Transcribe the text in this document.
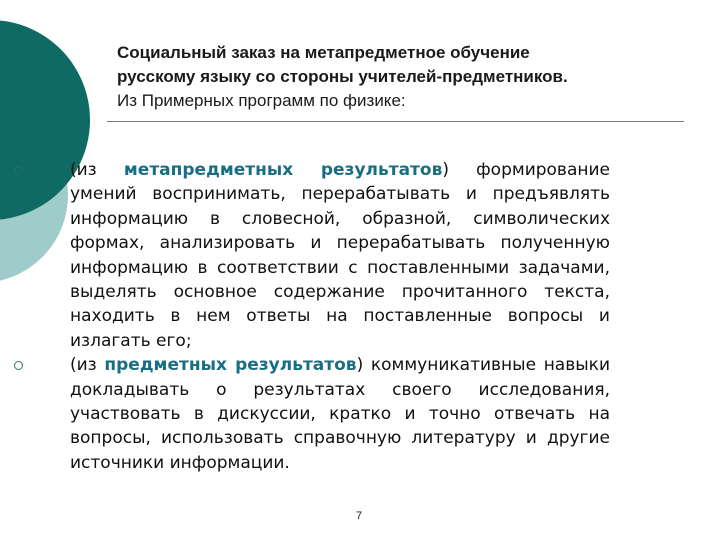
Социальный заказ на метапредметное обучение
русскому языку со стороны учителей-предметников.
Из Примерных программ по физике:
(из метапредметных результатов) формирование умений воспринимать, перерабатывать и предъявлять информацию в словесной, образной, символических формах, анализировать и перерабатывать полученную информацию в соответствии с поставленными задачами, выделять основное содержание прочитанного текста, находить в нем ответы на поставленные вопросы и излагать его;
(из предметных результатов) коммуникативные навыки докладывать о результатах своего исследования, участвовать в дискуссии, кратко и точно отвечать на вопросы, использовать справочную литературу и другие источники информации.
7
